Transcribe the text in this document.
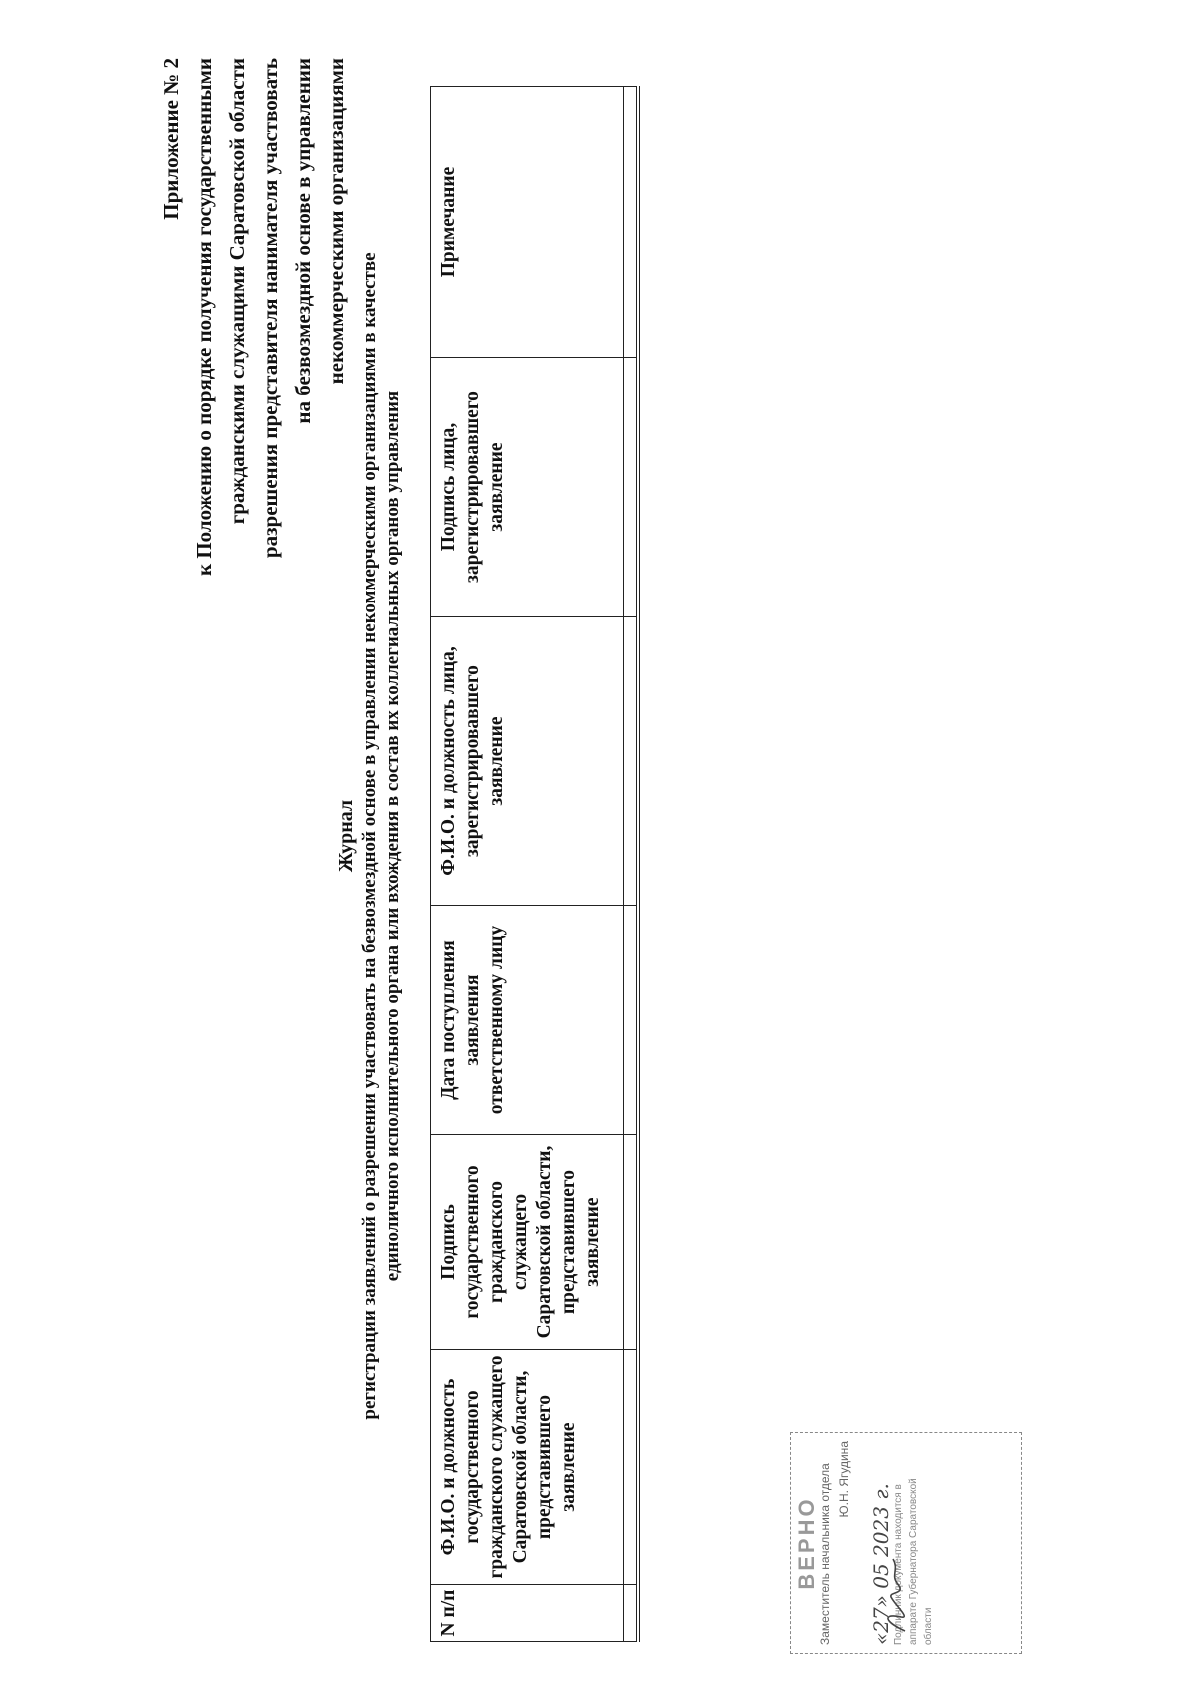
Приложение № 2 к Положению о порядке получения государственными гражданскими служащими Саратовской области разрешения представителя нанимателя участвовать на безвозмездной основе в управлении некоммерческими организациями
Журнал регистрации заявлений о разрешении участвовать на безвозмездной основе в управлении некоммерческими организациями в качестве единоличного исполнительного органа или вхождения в состав их коллегиальных органов управления
N п/п	Ф.И.О. и должность государственного гражданского служащего Саратовской области, представившего заявление	Подпись государственного гражданского служащего Саратовской области, представившего заявление	Дата поступления заявления ответственному лицу	Ф.И.О. и должность лица, зарегистрировавшего заявление	Подпись лица, зарегистрировавшего заявление	Примечание

ВЕРНО Заместитель начальника отдела Ю.Н. Ягудина
«27» 05 2023 г. Подлинник документа находится в аппарате Губернатора Саратовской области
